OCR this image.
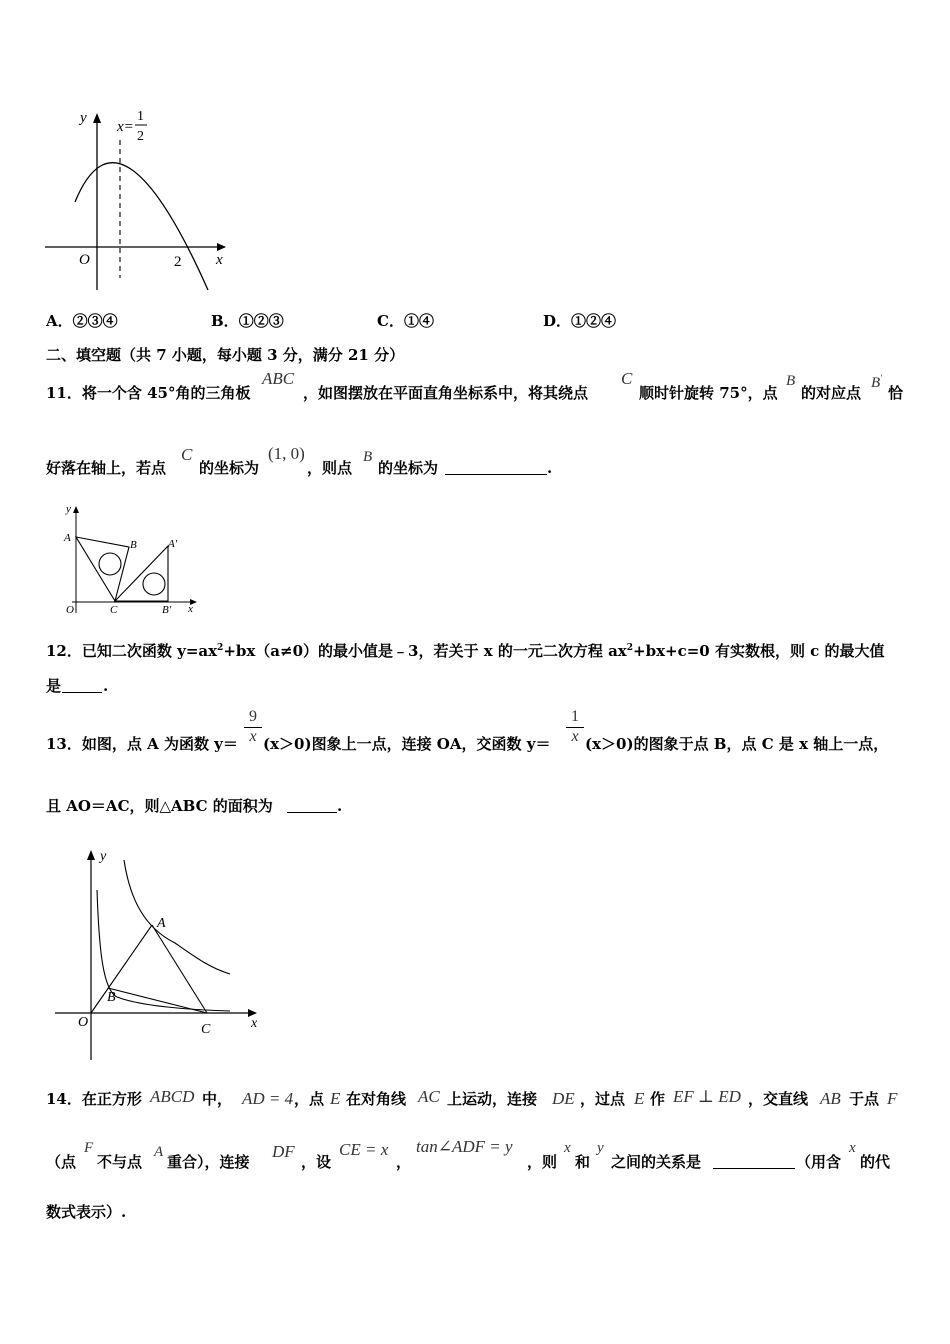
y
x
O	2
x=
1
2
A．②③④	B．①②③	C．①④	D．①②④
二、填空题（共 7 小题，每小题 3 分，满分 21 分）
11．将一个含 45°角的三角板
ABC
，如图摆放在平面直角坐标系中，将其绕点
C
顺时针旋转 75°，点
B
的对应点
B′
恰
好落在轴上，若点
C
的坐标为
(1, 0)
，则点
B
的坐标为	.
y
A
B	A′
O	C	B′ x
12．已知二次函数 $y=ax^2+bx(a\ne 0)$的最小值是﹣3，若关于 x 的一元二次方程 $ax^2+bx+c=0$ 有实数根，则 c 的最大值
是	.
13．如图，点 A 为函数 $y= \frac{9}{x} (x>0)$图象上一点，连接 OA，交函数 $y= \frac{1}{x} (x>0)$的图象于点 B，点 C 是 x 轴上一点，
且 AO＝AC，则△ABC 的面积为	.
y
A
B
O	C	x
14．在正方形 ABCD 中， AD = 4 ，点 E 在对角线 AC 上运动，连接 DE ，过点 E 作 EF ⊥ ED ，交直线 AB 于点 F
（点
F
不与点
A
重合），连接
DF
，设
CE = x
，
tan∠ADF = y
，则
x
和
y
之间的关系是	（用含
x
的代
数式表示）.
